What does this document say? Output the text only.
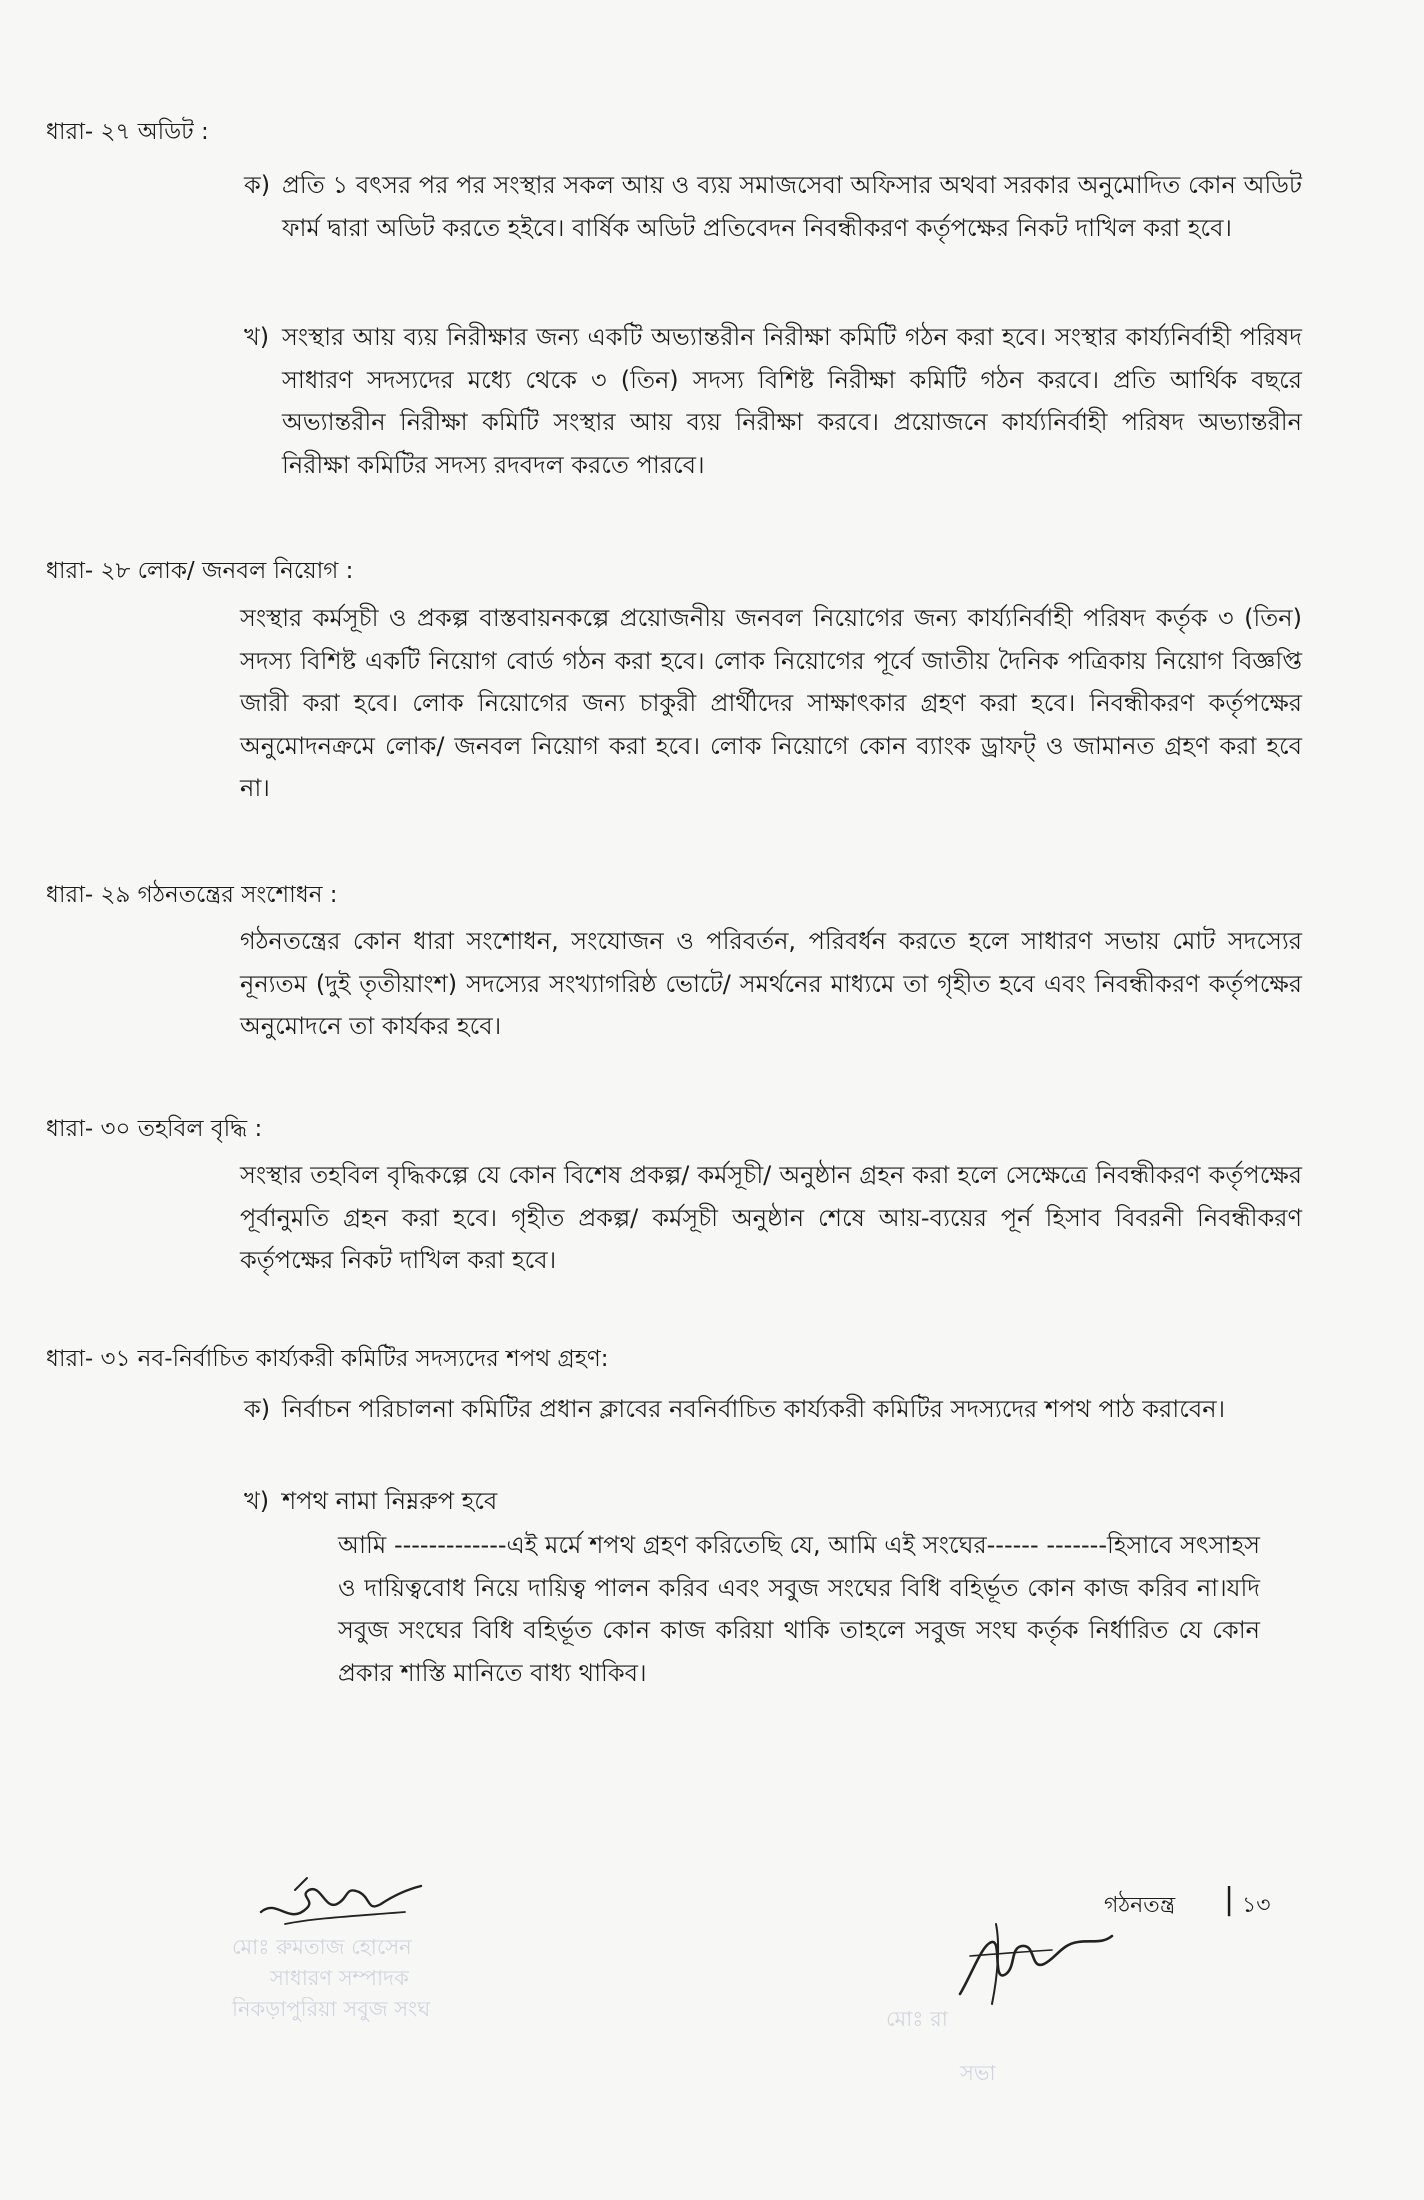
ধারা- ২৭ অডিট :
ক) প্রতি ১ বৎসর পর পর সংস্থার সকল আয় ও ব্যয় সমাজসেবা অফিসার অথবা সরকার অনুমোদিত কোন অডিট ফার্ম দ্বারা অডিট করতে হইবে। বার্ষিক অডিট প্রতিবেদন নিবন্ধীকরণ কর্তৃপক্ষের নিকট দাখিল করা হবে।

খ) সংস্থার আয় ব্যয় নিরীক্ষার জন্য একটি অভ্যান্তরীন নিরীক্ষা কমিটি গঠন করা হবে। সংস্থার কার্য্যনির্বাহী পরিষদ সাধারণ সদস্যদের মধ্যে থেকে ৩ (তিন) সদস্য বিশিষ্ট নিরীক্ষা কমিটি গঠন করবে। প্রতি আর্থিক বছরে অভ্যান্তরীন নিরীক্ষা কমিটি সংস্থার আয় ব্যয় নিরীক্ষা করবে। প্রয়োজনে কার্য্যনির্বাহী পরিষদ অভ্যান্তরীন নিরীক্ষা কমিটির সদস্য রদবদল করতে পারবে।

ধারা- ২৮ লোক/ জনবল নিয়োগ :

সংস্থার কর্মসূচী ও প্রকল্প বাস্তবায়নকল্পে প্রয়োজনীয় জনবল নিয়োগের জন্য কার্য্যনির্বাহী পরিষদ কর্তৃক ৩ (তিন) সদস্য বিশিষ্ট একটি নিয়োগ বোর্ড গঠন করা হবে। লোক নিয়োগের পূর্বে জাতীয় দৈনিক পত্রিকায় নিয়োগ বিজ্ঞপ্তি জারী করা হবে। লোক নিয়োগের জন্য চাকুরী প্রার্থীদের সাক্ষাৎকার গ্রহণ করা হবে। নিবন্ধীকরণ কর্তৃপক্ষের অনুমোদনক্রমে লোক/ জনবল নিয়োগ করা হবে। লোক নিয়োগে কোন ব্যাংক ড্রাফট্ ও জামানত গ্রহণ করা হবে না।

ধারা- ২৯ গঠনতন্ত্রের সংশোধন :

গঠনতন্ত্রের কোন ধারা সংশোধন, সংযোজন ও পরিবর্তন, পরিবর্ধন করতে হলে সাধারণ সভায় মোট সদস্যের নূন্যতম (দুই তৃতীয়াংশ) সদস্যের সংখ্যাগরিষ্ঠ ভোটে/ সমর্থনের মাধ্যমে তা গৃহীত হবে এবং নিবন্ধীকরণ কর্তৃপক্ষের অনুমোদনে তা কার্যকর হবে।

ধারা- ৩০ তহবিল বৃদ্ধি :

সংস্থার তহবিল বৃদ্ধিকল্পে যে কোন বিশেষ প্রকল্প/ কর্মসূচী/ অনুষ্ঠান গ্রহন করা হলে সেক্ষেত্রে নিবন্ধীকরণ কর্তৃপক্ষের পূর্বানুমতি গ্রহন করা হবে। গৃহীত প্রকল্প/ কর্মসূচী অনুষ্ঠান শেষে আয়-ব্যয়ের পূর্ন হিসাব বিবরনী নিবন্ধীকরণ কর্তৃপক্ষের নিকট দাখিল করা হবে।

ধারা- ৩১ নব-নির্বাচিত কার্য্যকরী কমিটির সদস্যদের শপথ গ্রহণ:
ক) নির্বাচন পরিচালনা কমিটির প্রধান ক্লাবের নবনির্বাচিত কার্য্যকরী কমিটির সদস্যদের শপথ পাঠ করাবেন।

খ) শপথ নামা নিম্নরুপ হবে

আমি -------------এই মর্মে শপথ গ্রহণ করিতেছি যে, আমি এই সংঘের------ -------হিসাবে সৎসাহস ও দায়িত্ববোধ নিয়ে দায়িত্ব পালন করিব এবং সবুজ সংঘের বিধি বহির্ভূত কোন কাজ করিব না।যদি সবুজ সংঘের বিধি বহির্ভূত কোন কাজ করিয়া থাকি তাহলে সবুজ সংঘ কর্তৃক নির্ধারিত যে কোন প্রকার শাস্তি মানিতে বাধ্য থাকিব।

গঠনতন্ত্র | ১৩
মোঃ রুমতাজ হোসেন
সাধারণ সম্পাদক
নিকড়াপুরিয়া সবুজ সংঘ	মোঃ রা
সভা
